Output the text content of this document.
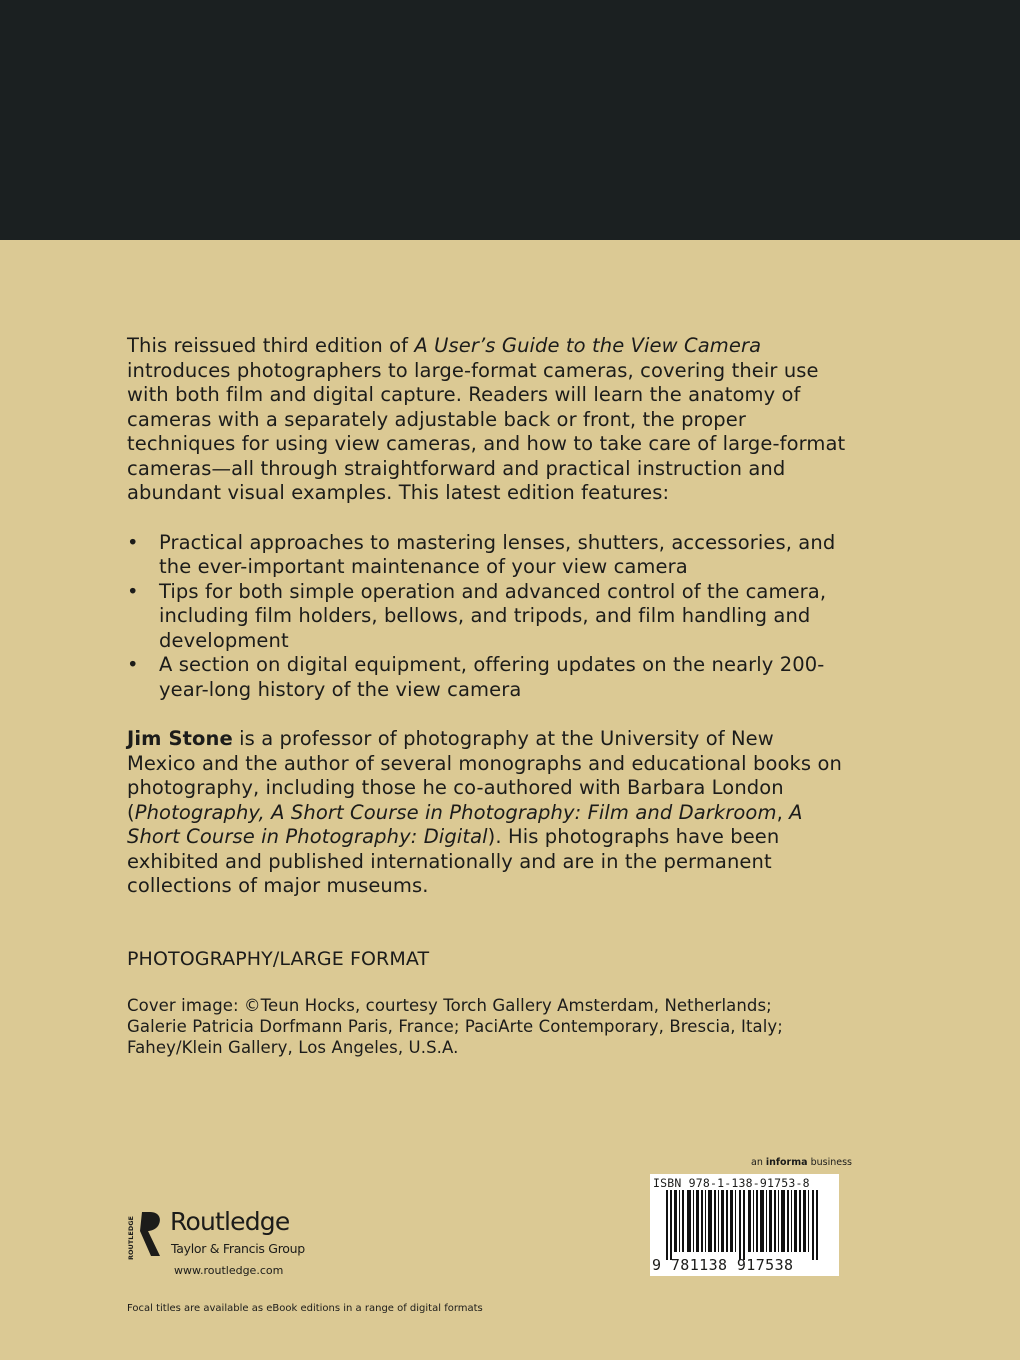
This reissued third edition of A User’s Guide to the View Camera introduces photographers to large-format cameras, covering their use with both film and digital capture. Readers will learn the anatomy of cameras with a separately adjustable back or front, the proper techniques for using view cameras, and how to take care of large-format cameras—all through straightforward and practical instruction and abundant visual examples. This latest edition features:

• Practical approaches to mastering lenses, shutters, accessories, and the ever-important maintenance of your view camera
• Tips for both simple operation and advanced control of the camera, including film holders, bellows, and tripods, and film handling and development
• A section on digital equipment, offering updates on the nearly 200-year-long history of the view camera

Jim Stone is a professor of photography at the University of New Mexico and the author of several monographs and educational books on photography, including those he co-authored with Barbara London (Photography, A Short Course in Photography: Film and Darkroom, A Short Course in Photography: Digital). His photographs have been exhibited and published internationally and are in the permanent collections of major museums.

PHOTOGRAPHY/LARGE FORMAT

Cover image: ©Teun Hocks, courtesy Torch Gallery Amsterdam, Netherlands; Galerie Patricia Dorfmann Paris, France; PaciArte Contemporary, Brescia, Italy; Fahey/Klein Gallery, Los Angeles, U.S.A.

an informa business
ISBN 978-1-138-91753-8
9 781138 917538
ROUTLEDGE Routledge
Taylor & Francis Group
www.routledge.com
Focal titles are available as eBook editions in a range of digital formats
